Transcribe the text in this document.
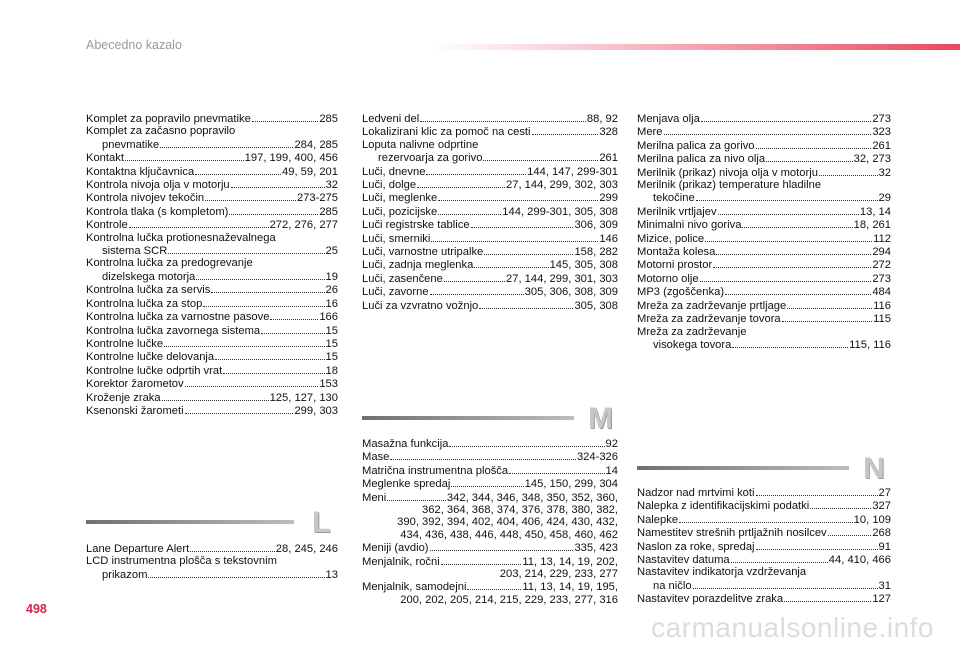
Abecedno kazalo
Komplet za popravilo pnevmatike	285
Komplet za začasno popravilo
pnevmatike	284, 285
Kontakt	197, 199, 400, 456
Kontaktna ključavnica	49, 59, 201
Kontrola nivoja olja v motorju	32
Kontrola nivojev tekočin	273-275
Kontrola tlaka (s kompletom)	285
Kontrole	272, 276, 277
Kontrolna lučka protionesnaževalnega
sistema SCR	25
Kontrolna lučka za predogrevanje
dizelskega motorja	19
Kontrolna lučka za servis	26
Kontrolna lučka za stop	16
Kontrolna lučka za varnostne pasove	166
Kontrolna lučka zavornega sistema	15
Kontrolne lučke	15
Kontrolne lučke delovanja	15
Kontrolne lučke odprtih vrat	18
Korektor žarometov	153
Kroženje zraka	125, 127, 130
Ksenonski žarometi	299, 303
L
Lane Departure Alert	28, 245, 246
LCD instrumentna plošča s tekstovnim
prikazom	13
Ledveni del	88, 92
Lokalizirani klic za pomoč na cesti	328
Loputa nalivne odprtine
rezervoarja za gorivo	261
Luči, dnevne	144, 147, 299-301
Luči, dolge	27, 144, 299, 302, 303
Luči, meglenke	299
Luči, pozicijske	144, 299-301, 305, 308
Luči registrske tablice	306, 309
Luči, smerniki	146
Luči, varnostne utripalke	158, 282
Luči, zadnja meglenka	145, 305, 308
Luči, zasenčene	27, 144, 299, 301, 303
Luči, zavorne	305, 306, 308, 309
Luči za vzvratno vožnjo	305, 308
M
Masažna funkcija	92
Mase	324-326
Matrična instrumentna plošča	14
Meglenke spredaj	145, 150, 299, 304
Meni	342, 344, 346, 348, 350, 352, 360,
362, 364, 368, 374, 376, 378, 380, 382,
390, 392, 394, 402, 404, 406, 424, 430, 432,
434, 436, 438, 446, 448, 450, 458, 460, 462
Meniji (avdio)	335, 423
Menjalnik, ročni	11, 13, 14, 19, 202,
203, 214, 229, 233, 277
Menjalnik, samodejni	11, 13, 14, 19, 195,
200, 202, 205, 214, 215, 229, 233, 277, 316
Menjava olja	273
Mere	323
Merilna palica za gorivo	261
Merilna palica za nivo olja	32, 273
Merilnik (prikaz) nivoja olja v motorju	32
Merilnik (prikaz) temperature hladilne
tekočine	29
Merilnik vrtljajev	13, 14
Minimalni nivo goriva	18, 261
Mizice, police	112
Montaža kolesa	294
Motorni prostor	272
Motorno olje	273
MP3 (zgoščenka)	484
Mreža za zadrževanje prtljage	116
Mreža za zadrževanje tovora	115
Mreža za zadrževanje
visokega tovora	115, 116
N
Nadzor nad mrtvimi koti	27
Nalepka z identifikacijskimi podatki	327
Nalepke	10, 109
Namestitev strešnih prtljažnih nosilcev	268
Naslon za roke, spredaj	91
Nastavitev datuma	44, 410, 466
Nastavitev indikatorja vzdrževanja
na ničlo	31
Nastavitev porazdelitve zraka	127
498
carmanualsonline.info
